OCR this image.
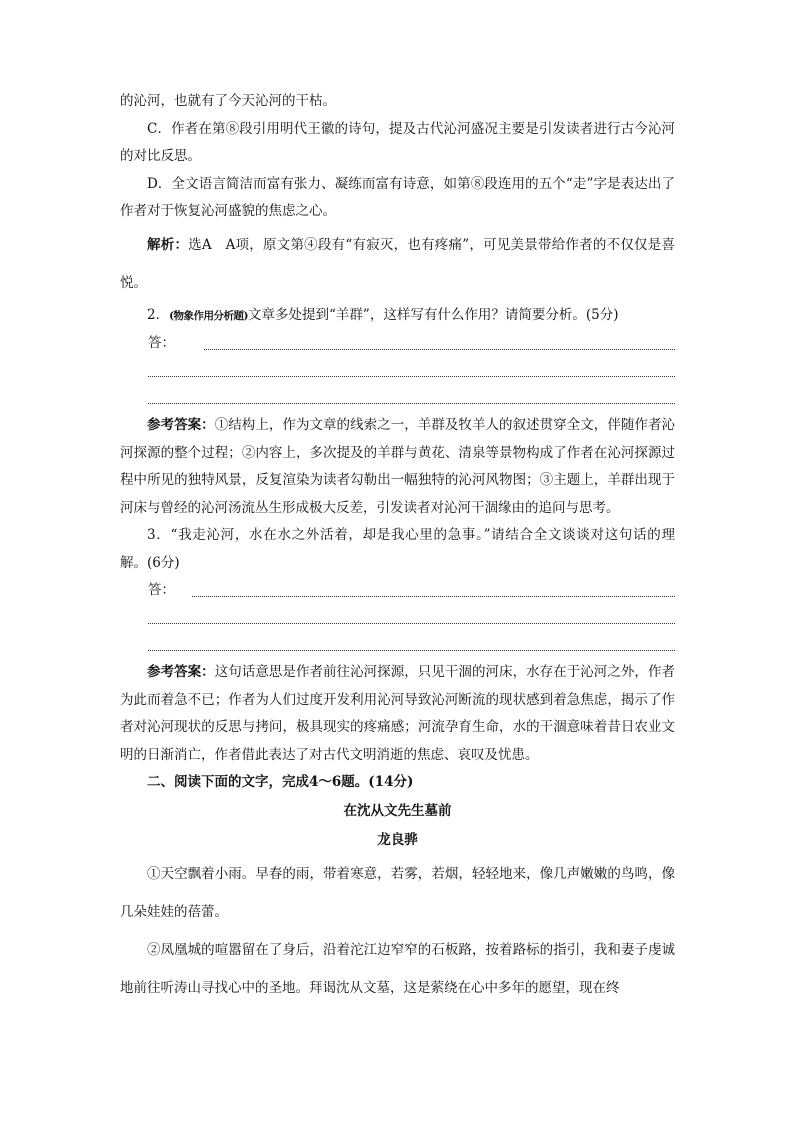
的沁河，也就有了今天沁河的干枯。

C．作者在第⑧段引用明代王徽的诗句，提及古代沁河盛况主要是引发读者进行古今沁河的对比反思。

D．全文语言简洁而富有张力、凝练而富有诗意，如第⑧段连用的五个“走”字是表达出了作者对于恢复沁河盛貌的焦虑之心。

解析：选A　A项，原文第④段有“有寂灭，也有疼痛”，可见美景带给作者的不仅仅是喜悦。

2．(物象作用分析题)文章多处提到“羊群”，这样写有什么作用？请简要分析。(5分)

答：

参考答案：①结构上，作为文章的线索之一，羊群及牧羊人的叙述贯穿全文，伴随作者沁河探源的整个过程；②内容上，多次提及的羊群与黄花、清泉等景物构成了作者在沁河探源过程中所见的独特风景，反复渲染为读者勾勒出一幅独特的沁河风物图；③主题上，羊群出现于河床与曾经的沁河汤流丛生形成极大反差，引发读者对沁河干涸缘由的追问与思考。

3．“我走沁河，水在水之外活着，却是我心里的急事。”请结合全文谈谈对这句话的理解。(6分)

答：

参考答案：这句话意思是作者前往沁河探源，只见干涸的河床，水存在于沁河之外，作者为此而着急不已；作者为人们过度开发利用沁河导致沁河断流的现状感到着急焦虑，揭示了作者对沁河现状的反思与拷问，极具现实的疼痛感；河流孕育生命，水的干涸意味着昔日农业文明的日渐消亡，作者借此表达了对古代文明消逝的焦虑、哀叹及忧患。

二、阅读下面的文字，完成4～6题。(14分)

在沈从文先生墓前

龙良骅

①天空飘着小雨。早春的雨，带着寒意，若雾，若烟，轻轻地来，像几声嫩嫩的鸟鸣，像几朵娃娃的蓓蕾。

②凤凰城的喧嚣留在了身后，沿着沱江边窄窄的石板路，按着路标的指引，我和妻子虔诚地前往听涛山寻找心中的圣地。拜谒沈从文墓，这是萦绕在心中多年的愿望，现在终
